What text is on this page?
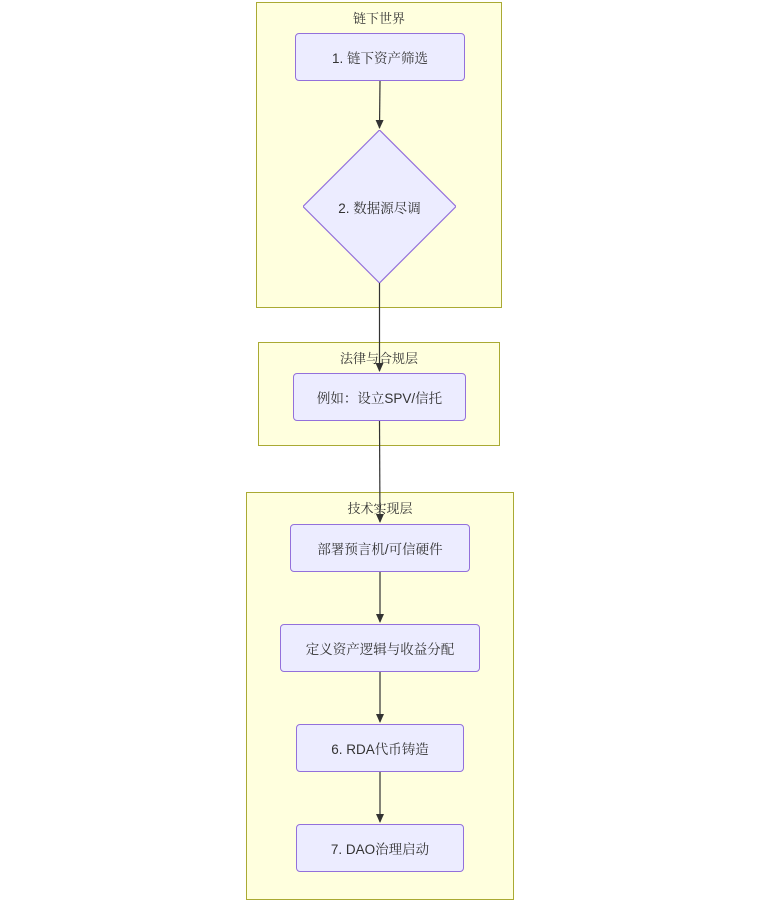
链下世界
法律与合规层
技术实现层
1. 链下资产筛选
2. 数据源尽调
例如：设立SPV/信托
部署预言机/可信硬件
定义资产逻辑与收益分配
6. RDA代币铸造
7. DAO治理启动
